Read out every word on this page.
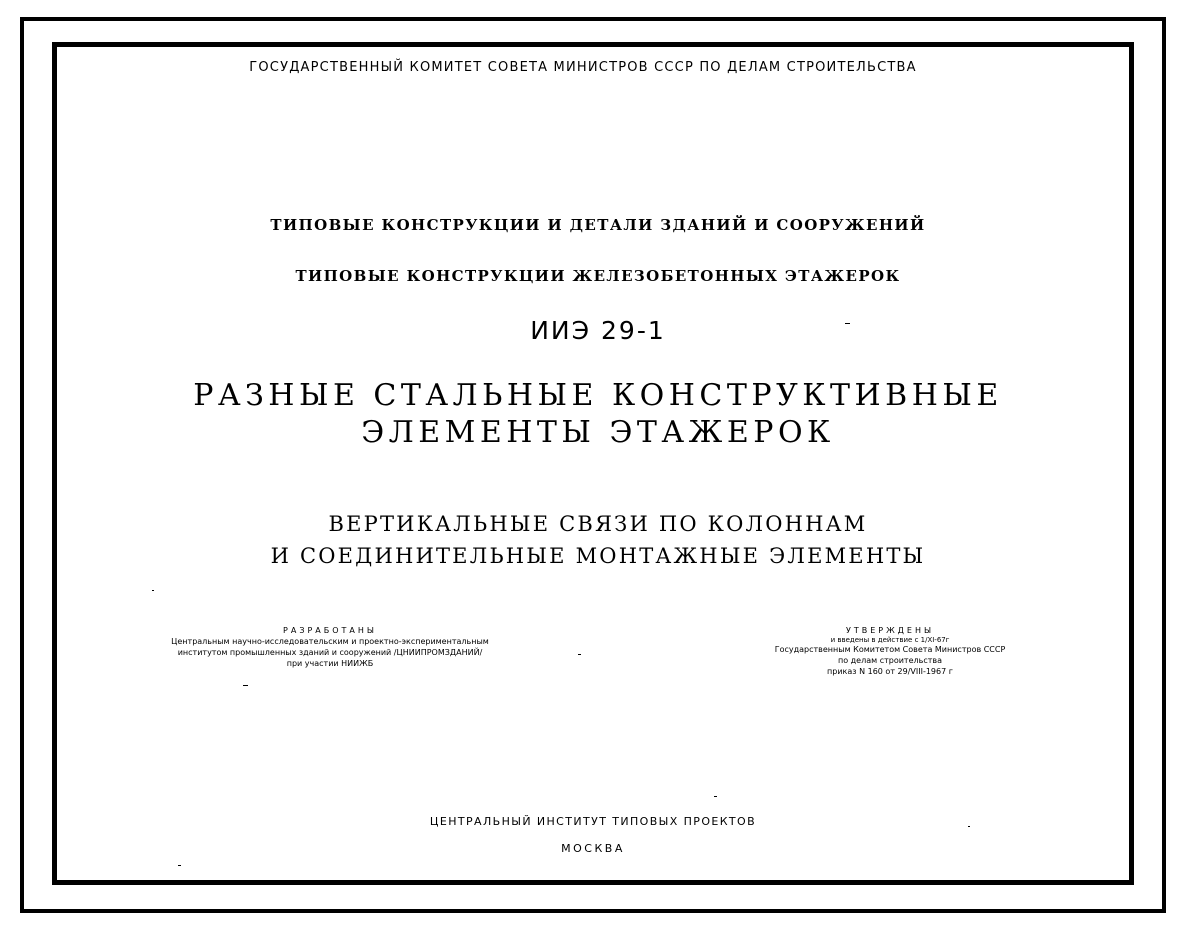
ГОСУДАРСТВЕННЫЙ КОМИТЕТ СОВЕТА МИНИСТРОВ СССР ПО ДЕЛАМ СТРОИТЕЛЬСТВА
ТИПОВЫЕ КОНСТРУКЦИИ И ДЕТАЛИ ЗДАНИЙ И СООРУЖЕНИЙ
ТИПОВЫЕ КОНСТРУКЦИИ ЖЕЛЕЗОБЕТОННЫХ ЭТАЖЕРОК
ИИЭ 29-1
РАЗНЫЕ СТАЛЬНЫЕ КОНСТРУКТИВНЫЕ
ЭЛЕМЕНТЫ ЭТАЖЕРОК
ВЕРТИКАЛЬНЫЕ СВЯЗИ ПО КОЛОННАМ
И СОЕДИНИТЕЛЬНЫЕ МОНТАЖНЫЕ ЭЛЕМЕНТЫ
РАЗРАБОТАНЫ
Центральным научно-исследовательским и проектно-экспериментальным
институтом промышленных зданий и сооружений /ЦНИИПРОМЗДАНИЙ/
при участии НИИЖБ
УТВЕРЖДЕНЫ
и введены в действие с 1/XI-67г
Государственным Комитетом Совета Министров СССР
по делам строительства
приказ N 160 от 29/VIII-1967 г
ЦЕНТРАЛЬНЫЙ ИНСТИТУТ ТИПОВЫХ ПРОЕКТОВ
МОСКВА
